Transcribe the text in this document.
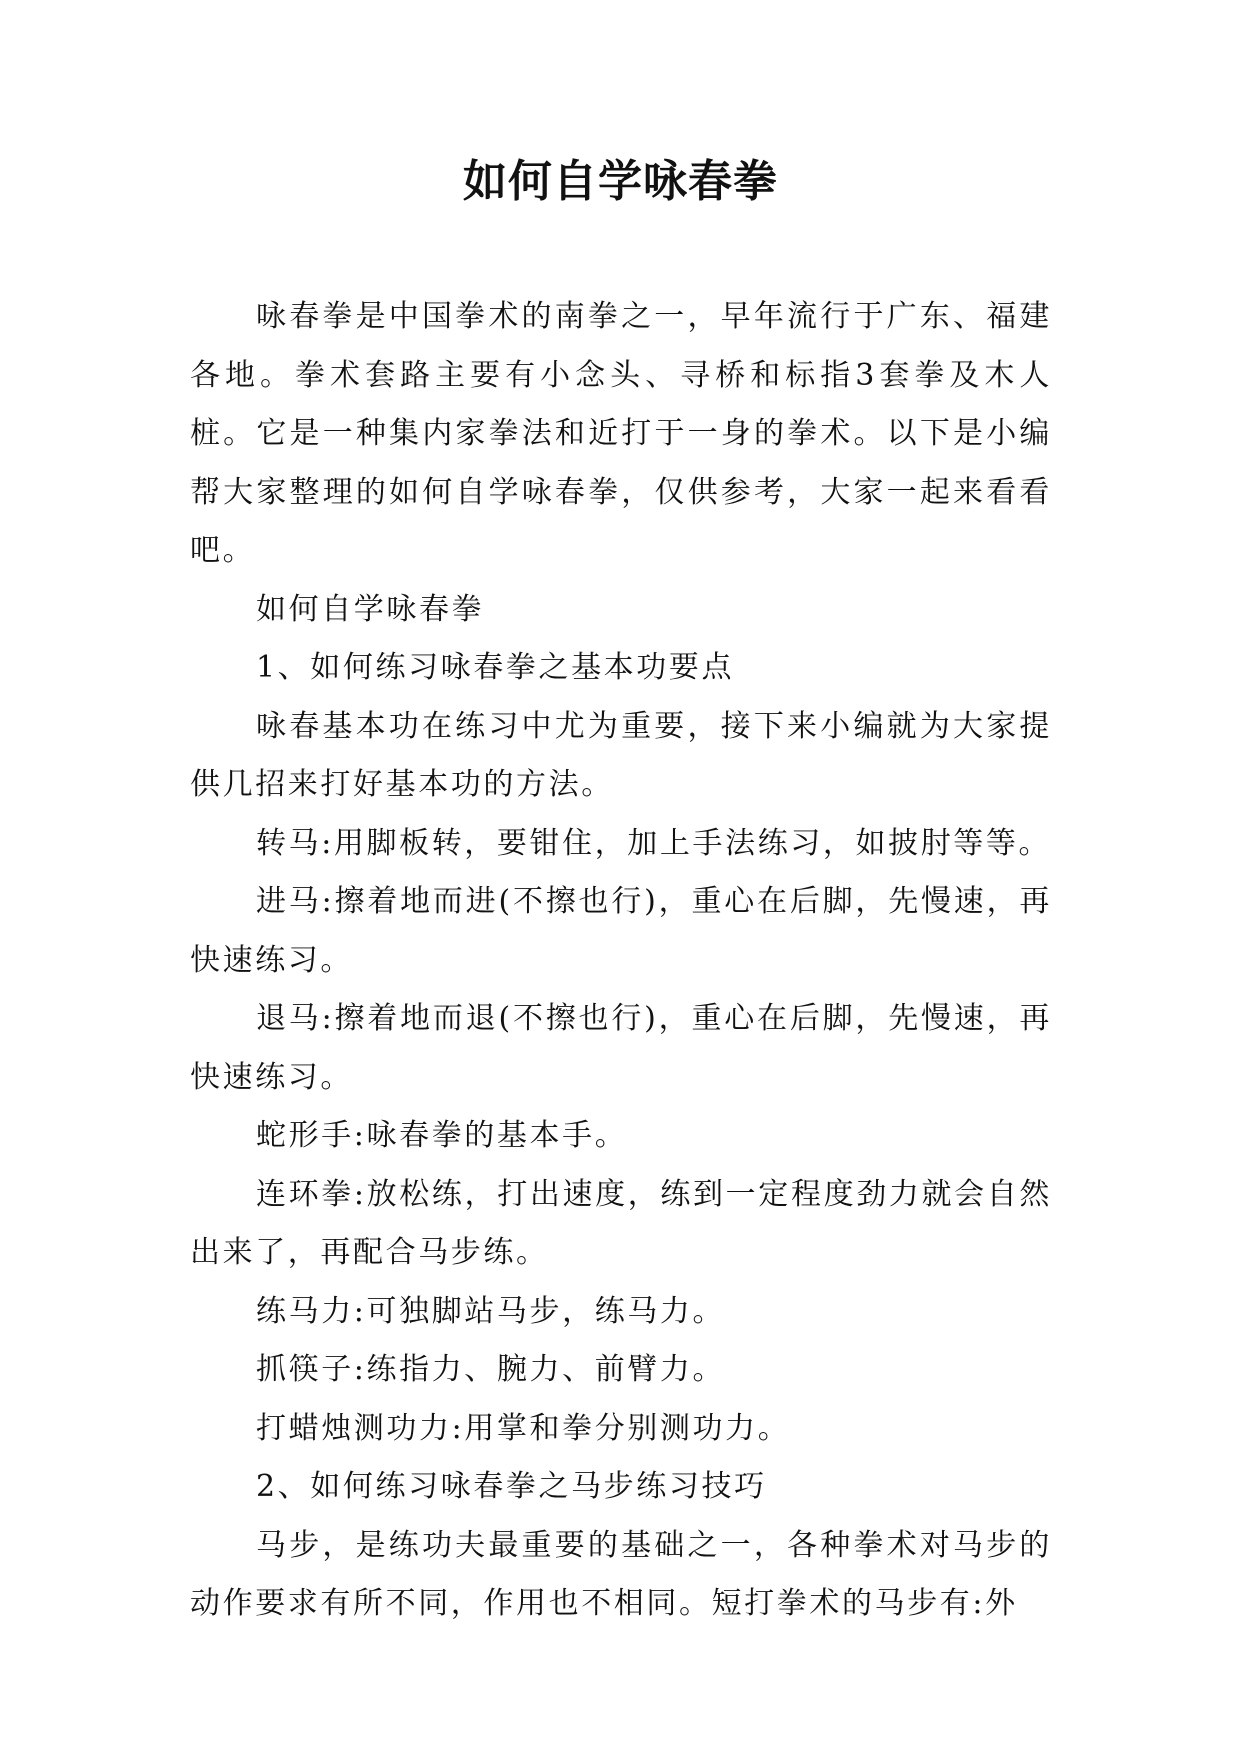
如何自学咏春拳

咏春拳是中国拳术的南拳之一，早年流行于广东、福建各地。拳术套路主要有小念头、寻桥和标指3套拳及木人桩。它是一种集内家拳法和近打于一身的拳术。以下是小编帮大家整理的如何自学咏春拳，仅供参考，大家一起来看看吧。

如何自学咏春拳

1、如何练习咏春拳之基本功要点

咏春基本功在练习中尤为重要，接下来小编就为大家提供几招来打好基本功的方法。

转马:用脚板转，要钳住，加上手法练习，如披肘等等。

进马:擦着地而进(不擦也行)，重心在后脚，先慢速，再快速练习。

退马:擦着地而退(不擦也行)，重心在后脚，先慢速，再快速练习。

蛇形手:咏春拳的基本手。

连环拳:放松练，打出速度，练到一定程度劲力就会自然出来了，再配合马步练。

练马力:可独脚站马步，练马力。

抓筷子:练指力、腕力、前臂力。

打蜡烛测功力:用掌和拳分别测功力。

2、如何练习咏春拳之马步练习技巧

马步，是练功夫最重要的基础之一，各种拳术对马步的动作要求有所不同，作用也不相同。短打拳术的马步有:外
